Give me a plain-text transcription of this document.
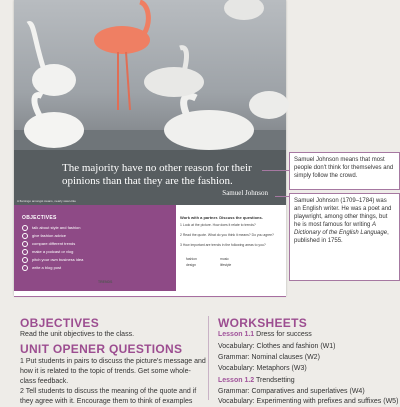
The majority have no other reason for their opinions than that they are the fashion.
Samuel Johnson
A flamingo amongst swans, nearly swan-like
OBJECTIVES
talk about style and fashion
give fashion advice
compare different trends
make a podcast or vlog
pitch your own business idea
write a blog post
Work with a partner. Discuss the questions.
1 Look at the picture. How does it relate to trends?
2 Read the quote. What do you think it means? Do you agree?
3 How important are trends in the following areas to you?
fashion	music
design	lifestyle
TRENDS
Samuel Johnson means that most people don't think for themselves and simply follow the crowd.
Samuel Johnson (1709–1784) was an English writer. He was a poet and playwright, among other things, but he is most famous for writing A Dictionary of the English Language, published in 1755.
OBJECTIVES
Read the unit objectives to the class.
UNIT OPENER QUESTIONS
1 Put students in pairs to discuss the picture's message and how it is related to the topic of trends. Get some whole-class feedback.
2 Tell students to discuss the meaning of the quote and if they agree with it. Encourage them to think of examples
WORKSHEETS
Lesson 1.1 Dress for success
Vocabulary: Clothes and fashion (W1)
Grammar: Nominal clauses (W2)
Vocabulary: Metaphors (W3)
Lesson 1.2 Trendsetting
Grammar: Comparatives and superlatives (W4)
Vocabulary: Experimenting with prefixes and suffixes (W5)
